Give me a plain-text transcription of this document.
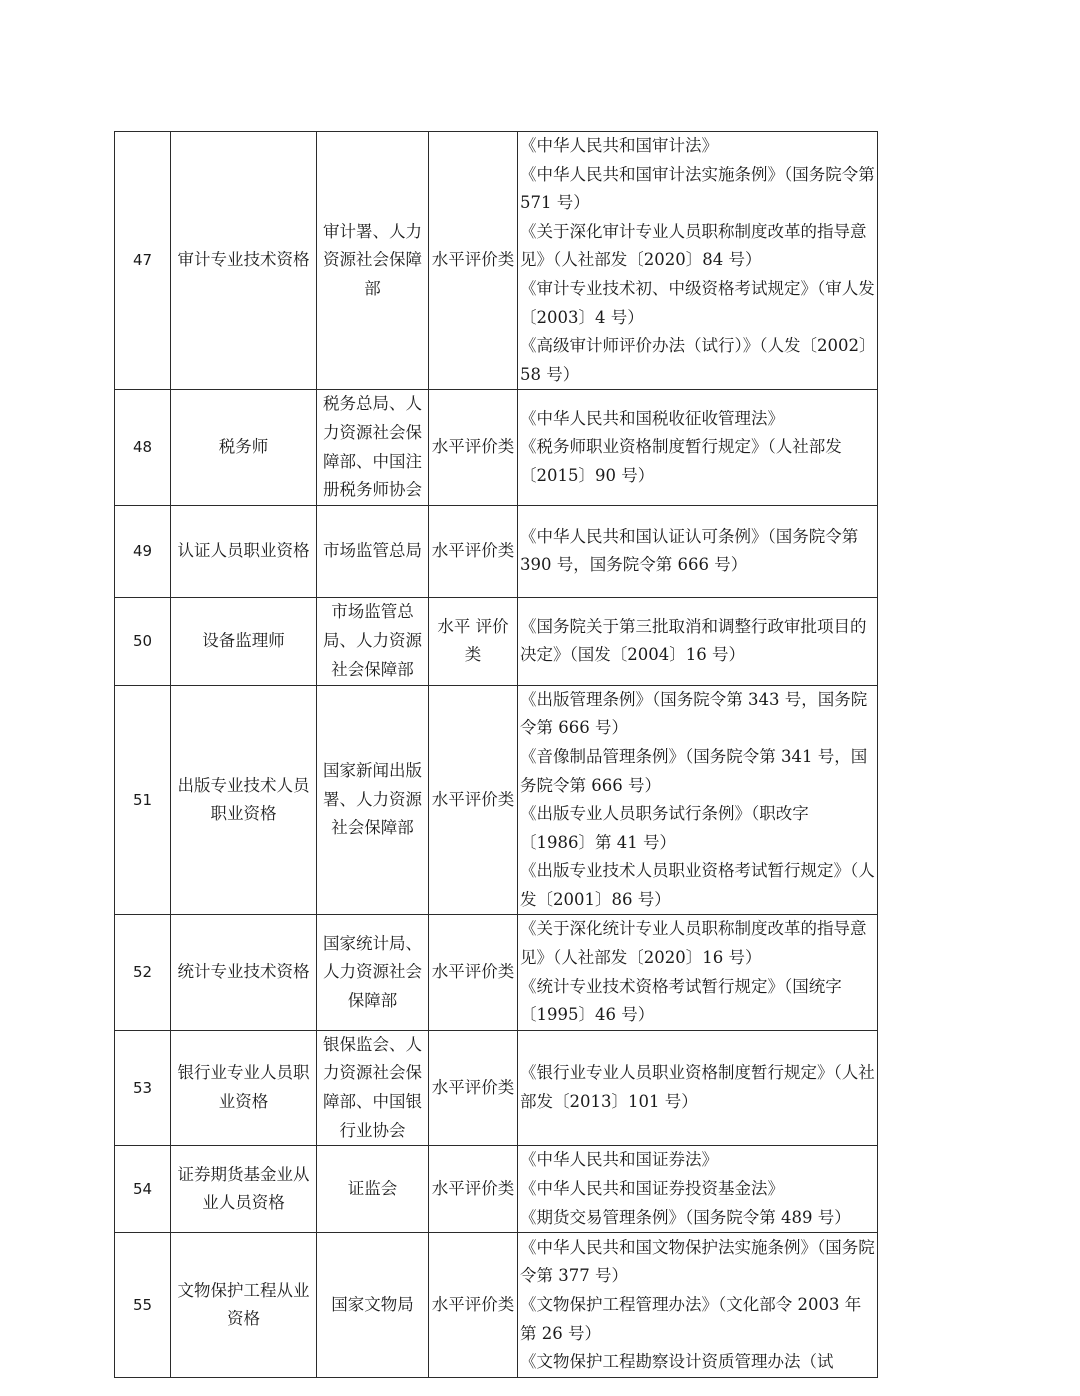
47	审计专业技术资格	审计署、人力资源社会保障部	水平评价类	《中华人民共和国审计法》
《中华人民共和国审计法实施条例》（国务院令第 571 号）
《关于深化审计专业人员职称制度改革的指导意见》（人社部发〔2020〕84 号）
《审计专业技术初、中级资格考试规定》（审人发〔2003〕4 号）
《高级审计师评价办法（试行）》（人发〔2002〕58 号）

48	税务师	税务总局、人力资源社会保障部、中国注册税务师协会	水平评价类	《中华人民共和国税收征收管理法》
《税务师职业资格制度暂行规定》（人社部发〔2015〕90 号）

49	认证人员职业资格	市场监管总局	水平评价类	《中华人民共和国认证认可条例》（国务院令第 390 号，国务院令第 666 号）

50	设备监理师	市场监管总局、人力资源社会保障部	水平 评价类	《国务院关于第三批取消和调整行政审批项目的决定》（国发〔2004〕16 号）

51	出版专业技术人员职业资格	国家新闻出版署、人力资源社会保障部	水平评价类	《出版管理条例》（国务院令第 343 号，国务院令第 666 号）
《音像制品管理条例》（国务院令第 341 号，国务院令第 666 号）
《出版专业人员职务试行条例》（职改字〔1986〕第 41 号）
《出版专业技术人员职业资格考试暂行规定》（人发〔2001〕86 号）

52	统计专业技术资格	国家统计局、人力资源社会保障部	水平评价类	《关于深化统计专业人员职称制度改革的指导意见》（人社部发〔2020〕16 号）
《统计专业技术资格考试暂行规定》（国统字〔1995〕46 号）

53	银行业专业人员职业资格	银保监会、人力资源社会保障部、中国银行业协会	水平评价类	《银行业专业人员职业资格制度暂行规定》（人社部发〔2013〕101 号）

54	证券期货基金业从业人员资格	证监会	水平评价类	《中华人民共和国证券法》
《中华人民共和国证券投资基金法》
《期货交易管理条例》（国务院令第 489 号）

55	文物保护工程从业资格	国家文物局	水平评价类	《中华人民共和国文物保护法实施条例》（国务院令第 377 号）
《文物保护工程管理办法》（文化部令 2003 年第 26 号）
《文物保护工程勘察设计资质管理办法（试
